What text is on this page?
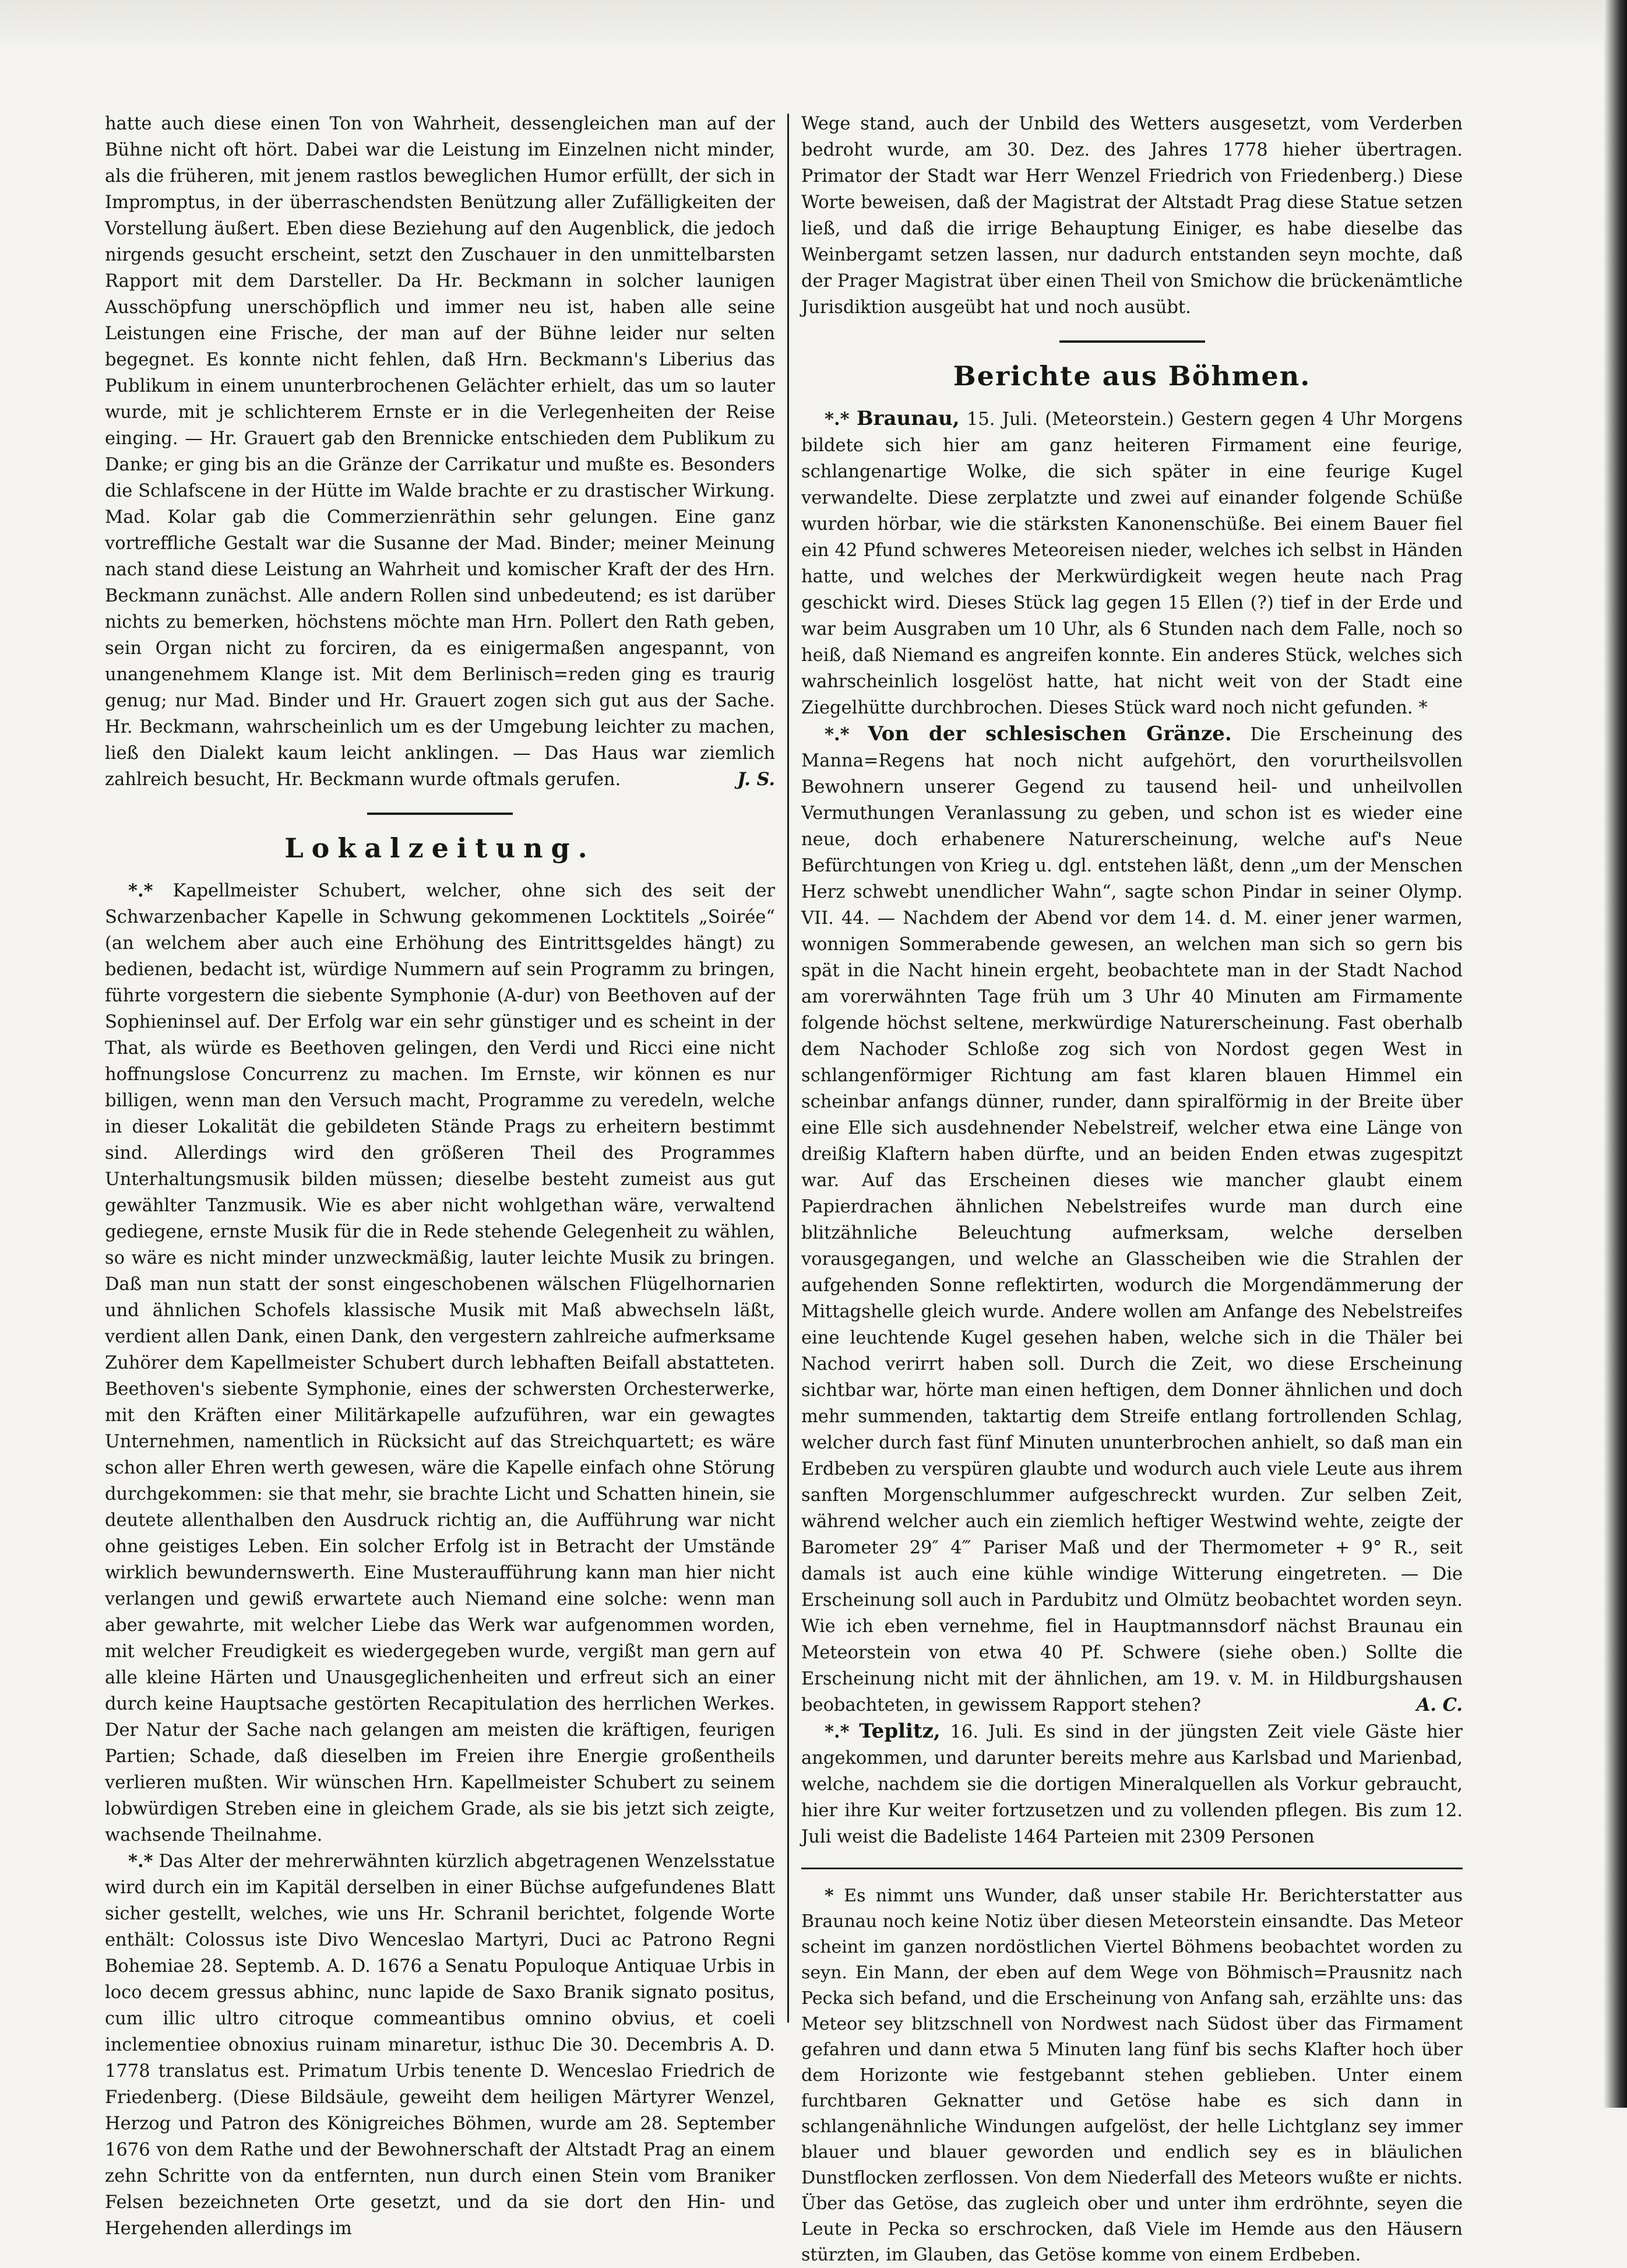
hatte auch diese einen Ton von Wahrheit, dessengleichen man auf der Bühne nicht oft hört. Dabei war die Leistung im Einzelnen nicht minder, als die früheren, mit jenem rastlos beweglichen Humor erfüllt, der sich in Impromptus, in der überraschendsten Benützung aller Zufälligkeiten der Vorstellung äußert. Eben diese Beziehung auf den Augenblick, die jedoch nirgends gesucht erscheint, setzt den Zuschauer in den unmittelbarsten Rapport mit dem Darsteller. Da Hr. Beckmann in solcher launigen Ausschöpfung unerschöpflich und immer neu ist, haben alle seine Leistungen eine Frische, der man auf der Bühne leider nur selten begegnet. Es konnte nicht fehlen, daß Hrn. Beckmann's Liberius das Publikum in einem ununterbrochenen Gelächter erhielt, das um so lauter wurde, mit je schlichterem Ernste er in die Verlegenheiten der Reise einging. — Hr. Grauert gab den Brennicke entschieden dem Publikum zu Danke; er ging bis an die Gränze der Carrikatur und mußte es. Besonders die Schlafscene in der Hütte im Walde brachte er zu drastischer Wirkung. Mad. Kolar gab die Commerzienräthin sehr gelungen. Eine ganz vortreffliche Gestalt war die Susanne der Mad. Binder; meiner Meinung nach stand diese Leistung an Wahrheit und komischer Kraft der des Hrn. Beckmann zunächst. Alle andern Rollen sind unbedeutend; es ist darüber nichts zu bemerken, höchstens möchte man Hrn. Pollert den Rath geben, sein Organ nicht zu forciren, da es einigermaßen angespannt, von unangenehmem Klange ist. Mit dem Berlinisch=reden ging es traurig genug; nur Mad. Binder und Hr. Grauert zogen sich gut aus der Sache. Hr. Beckmann, wahrscheinlich um es der Umgebung leichter zu machen, ließ den Dialekt kaum leicht anklingen. — Das Haus war ziemlich zahlreich besucht, Hr. Beckmann wurde oftmals gerufen.	J. S.

Lokalzeitung.

*.* Kapellmeister Schubert, welcher, ohne sich des seit der Schwarzenbacher Kapelle in Schwung gekommenen Locktitels „Soirée“ (an welchem aber auch eine Erhöhung des Eintrittsgeldes hängt) zu bedienen, bedacht ist, würdige Nummern auf sein Programm zu bringen, führte vorgestern die siebente Symphonie (A-dur) von Beethoven auf der Sophieninsel auf. Der Erfolg war ein sehr günstiger und es scheint in der That, als würde es Beethoven gelingen, den Verdi und Ricci eine nicht hoffnungslose Concurrenz zu machen. Im Ernste, wir können es nur billigen, wenn man den Versuch macht, Programme zu veredeln, welche in dieser Lokalität die gebildeten Stände Prags zu erheitern bestimmt sind. Allerdings wird den größeren Theil des Programmes Unterhaltungsmusik bilden müssen; dieselbe besteht zumeist aus gut gewählter Tanzmusik. Wie es aber nicht wohlgethan wäre, verwaltend gediegene, ernste Musik für die in Rede stehende Gelegenheit zu wählen, so wäre es nicht minder unzweckmäßig, lauter leichte Musik zu bringen. Daß man nun statt der sonst eingeschobenen wälschen Flügelhornarien und ähnlichen Schofels klassische Musik mit Maß abwechseln läßt, verdient allen Dank, einen Dank, den vergestern zahlreiche aufmerksame Zuhörer dem Kapellmeister Schubert durch lebhaften Beifall abstatteten. Beethoven's siebente Symphonie, eines der schwersten Orchesterwerke, mit den Kräften einer Militärkapelle aufzuführen, war ein gewagtes Unternehmen, namentlich in Rücksicht auf das Streichquartett; es wäre schon aller Ehren werth gewesen, wäre die Kapelle einfach ohne Störung durchgekommen: sie that mehr, sie brachte Licht und Schatten hinein, sie deutete allenthalben den Ausdruck richtig an, die Aufführung war nicht ohne geistiges Leben. Ein solcher Erfolg ist in Betracht der Umstände wirklich bewundernswerth. Eine Musteraufführung kann man hier nicht verlangen und gewiß erwartete auch Niemand eine solche: wenn man aber gewahrte, mit welcher Liebe das Werk war aufgenommen worden, mit welcher Freudigkeit es wiedergegeben wurde, vergißt man gern auf alle kleine Härten und Unausgeglichenheiten und erfreut sich an einer durch keine Hauptsache gestörten Recapitulation des herrlichen Werkes. Der Natur der Sache nach gelangen am meisten die kräftigen, feurigen Partien; Schade, daß dieselben im Freien ihre Energie großentheils verlieren mußten. Wir wünschen Hrn. Kapellmeister Schubert zu seinem lobwürdigen Streben eine in gleichem Grade, als sie bis jetzt sich zeigte, wachsende Theilnahme.

*.* Das Alter der mehrerwähnten kürzlich abgetragenen Wenzelsstatue wird durch ein im Kapitäl derselben in einer Büchse aufgefundenes Blatt sicher gestellt, welches, wie uns Hr. Schranil berichtet, folgende Worte enthält: Colossus iste Divo Wenceslao Martyri, Duci ac Patrono Regni Bohemiae 28. Septemb. A. D. 1676 a Senatu Populoque Antiquae Urbis in loco decem gressus abhinc, nunc lapide de Saxo Branik signato positus, cum illic ultro citroque commeantibus omnino obvius, et coeli inclementiee obnoxius ruinam minaretur, isthuc Die 30. Decembris A. D. 1778 translatus est. Primatum Urbis tenente D. Wenceslao Friedrich de Friedenberg. (Diese Bildsäule, geweiht dem heiligen Märtyrer Wenzel, Herzog und Patron des Königreiches Böhmen, wurde am 28. September 1676 von dem Rathe und der Bewohnerschaft der Altstadt Prag an einem zehn Schritte von da entfernten, nun durch einen Stein vom Braniker Felsen bezeichneten Orte gesetzt, und da sie dort den Hin- und Hergehenden allerdings im

Wege stand, auch der Unbild des Wetters ausgesetzt, vom Verderben bedroht wurde, am 30. Dez. des Jahres 1778 hieher übertragen. Primator der Stadt war Herr Wenzel Friedrich von Friedenberg.) Diese Worte beweisen, daß der Magistrat der Altstadt Prag diese Statue setzen ließ, und daß die irrige Behauptung Einiger, es habe dieselbe das Weinbergamt setzen lassen, nur dadurch entstanden seyn mochte, daß der Prager Magistrat über einen Theil von Smichow die brückenämtliche Jurisdiktion ausgeübt hat und noch ausübt.

Berichte aus Böhmen.

*.* Braunau, 15. Juli. (Meteorstein.) Gestern gegen 4 Uhr Morgens bildete sich hier am ganz heiteren Firmament eine feurige, schlangenartige Wolke, die sich später in eine feurige Kugel verwandelte. Diese zerplatzte und zwei auf einander folgende Schüße wurden hörbar, wie die stärksten Kanonenschüße. Bei einem Bauer fiel ein 42 Pfund schweres Meteoreisen nieder, welches ich selbst in Händen hatte, und welches der Merkwürdigkeit wegen heute nach Prag geschickt wird. Dieses Stück lag gegen 15 Ellen (?) tief in der Erde und war beim Ausgraben um 10 Uhr, als 6 Stunden nach dem Falle, noch so heiß, daß Niemand es angreifen konnte. Ein anderes Stück, welches sich wahrscheinlich losgelöst hatte, hat nicht weit von der Stadt eine Ziegelhütte durchbrochen. Dieses Stück ward noch nicht gefunden. *

*.* Von der schlesischen Gränze. Die Erscheinung des Manna=Regens hat noch nicht aufgehört, den vorurtheilsvollen Bewohnern unserer Gegend zu tausend heil- und unheilvollen Vermuthungen Veranlassung zu geben, und schon ist es wieder eine neue, doch erhabenere Naturerscheinung, welche auf's Neue Befürchtungen von Krieg u. dgl. entstehen läßt, denn „um der Menschen Herz schwebt unendlicher Wahn“, sagte schon Pindar in seiner Olymp. VII. 44. — Nachdem der Abend vor dem 14. d. M. einer jener warmen, wonnigen Sommerabende gewesen, an welchen man sich so gern bis spät in die Nacht hinein ergeht, beobachtete man in der Stadt Nachod am vorerwähnten Tage früh um 3 Uhr 40 Minuten am Firmamente folgende höchst seltene, merkwürdige Naturerscheinung. Fast oberhalb dem Nachoder Schloße zog sich von Nordost gegen West in schlangenförmiger Richtung am fast klaren blauen Himmel ein scheinbar anfangs dünner, runder, dann spiralförmig in der Breite über eine Elle sich ausdehnender Nebelstreif, welcher etwa eine Länge von dreißig Klaftern haben dürfte, und an beiden Enden etwas zugespitzt war. Auf das Erscheinen dieses wie mancher glaubt einem Papierdrachen ähnlichen Nebelstreifes wurde man durch eine blitzähnliche Beleuchtung aufmerksam, welche derselben vorausgegangen, und welche an Glasscheiben wie die Strahlen der aufgehenden Sonne reflektirten, wodurch die Morgendämmerung der Mittagshelle gleich wurde. Andere wollen am Anfange des Nebelstreifes eine leuchtende Kugel gesehen haben, welche sich in die Thäler bei Nachod verirrt haben soll. Durch die Zeit, wo diese Erscheinung sichtbar war, hörte man einen heftigen, dem Donner ähnlichen und doch mehr summenden, taktartig dem Streife entlang fortrollenden Schlag, welcher durch fast fünf Minuten ununterbrochen anhielt, so daß man ein Erdbeben zu verspüren glaubte und wodurch auch viele Leute aus ihrem sanften Morgenschlummer aufgeschreckt wurden. Zur selben Zeit, während welcher auch ein ziemlich heftiger Westwind wehte, zeigte der Barometer 29″ 4‴ Pariser Maß und der Thermometer + 9° R., seit damals ist auch eine kühle windige Witterung eingetreten. — Die Erscheinung soll auch in Pardubitz und Olmütz beobachtet worden seyn. Wie ich eben vernehme, fiel in Hauptmannsdorf nächst Braunau ein Meteorstein von etwa 40 Pf. Schwere (siehe oben.) Sollte die Erscheinung nicht mit der ähnlichen, am 19. v. M. in Hildburgshausen beobachteten, in gewissem Rapport stehen?	A. C.

*.* Teplitz, 16. Juli. Es sind in der jüngsten Zeit viele Gäste hier angekommen, und darunter bereits mehre aus Karlsbad und Marienbad, welche, nachdem sie die dortigen Mineralquellen als Vorkur gebraucht, hier ihre Kur weiter fortzusetzen und zu vollenden pflegen. Bis zum 12. Juli weist die Badeliste 1464 Parteien mit 2309 Personen

* Es nimmt uns Wunder, daß unser stabile Hr. Berichterstatter aus Braunau noch keine Notiz über diesen Meteorstein einsandte. Das Meteor scheint im ganzen nordöstlichen Viertel Böhmens beobachtet worden zu seyn. Ein Mann, der eben auf dem Wege von Böhmisch=Prausnitz nach Pecka sich befand, und die Erscheinung von Anfang sah, erzählte uns: das Meteor sey blitzschnell von Nordwest nach Südost über das Firmament gefahren und dann etwa 5 Minuten lang fünf bis sechs Klafter hoch über dem Horizonte wie festgebannt stehen geblieben. Unter einem furchtbaren Geknatter und Getöse habe es sich dann in schlangenähnliche Windungen aufgelöst, der helle Lichtglanz sey immer blauer und blauer geworden und endlich sey es in bläulichen Dunstflocken zerflossen. Von dem Niederfall des Meteors wußte er nichts. Über das Getöse, das zugleich ober und unter ihm erdröhnte, seyen die Leute in Pecka so erschrocken, daß Viele im Hemde aus den Häusern stürzten, im Glauben, das Getöse komme von einem Erdbeben.
